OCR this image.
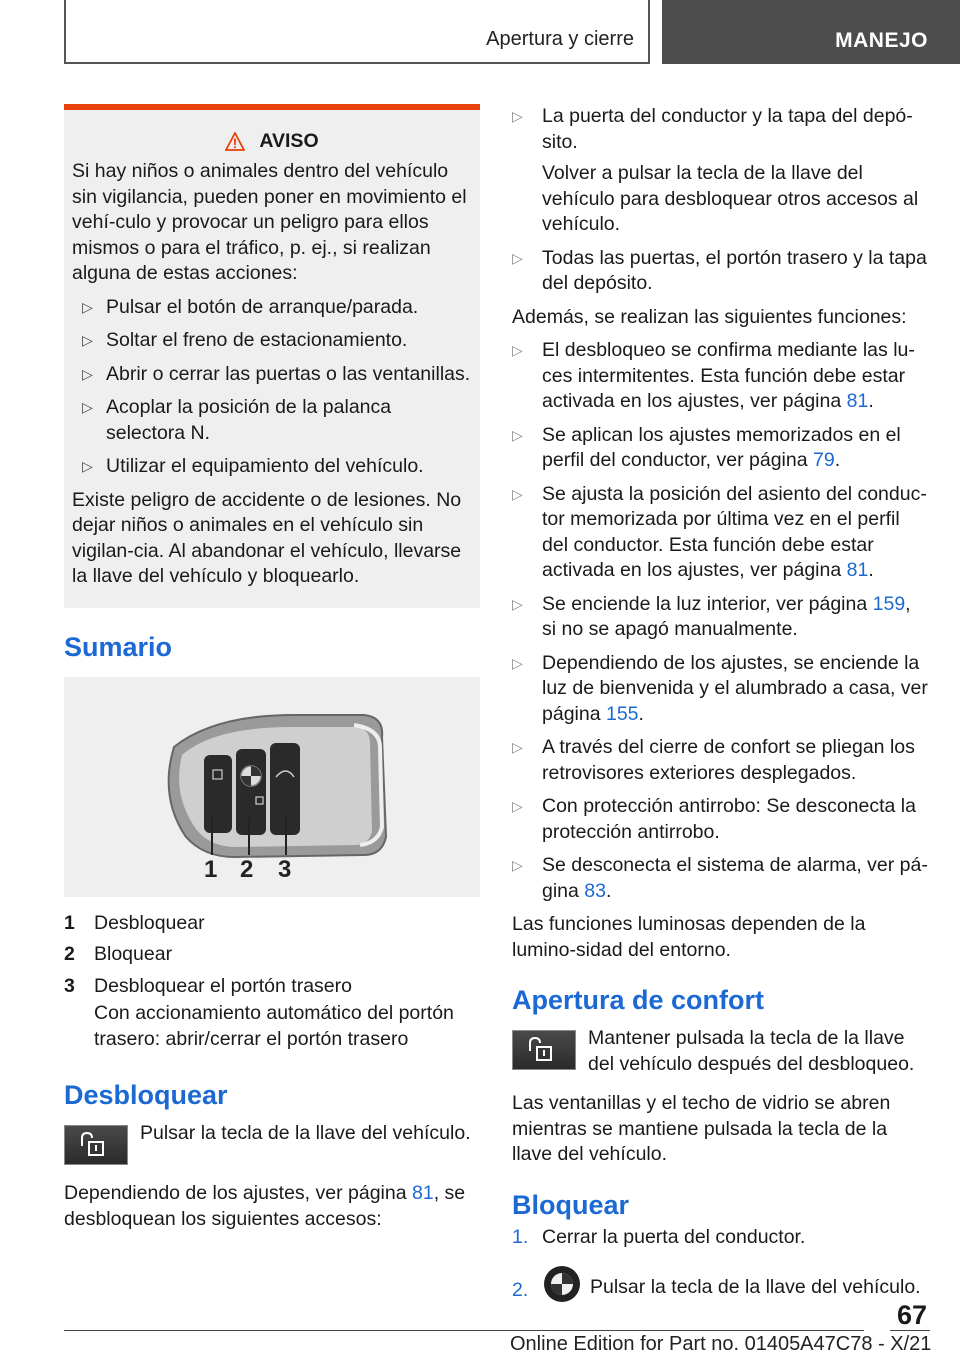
Apertura y cierre	MANEJO
AVISO

Si hay niños o animales dentro del vehículo sin vigilancia, pueden poner en movimiento el vehí-culo y provocar un peligro para ellos mismos o para el tráfico, p. ej., si realizan alguna de estas acciones:

▷ Pulsar el botón de arranque/parada.
▷ Soltar el freno de estacionamiento.
▷ Abrir o cerrar las puertas o las ventanillas.
▷ Acoplar la posición de la palanca selectora N.
▷ Utilizar el equipamiento del vehículo.

Existe peligro de accidente o de lesiones. No dejar niños o animales en el vehículo sin vigilan-cia. Al abandonar el vehículo, llevarse la llave del vehículo y bloquearlo.

Sumario
1 2 3
1 Desbloquear
2 Bloquear
3 Desbloquear el portón trasero
Con accionamiento automático del portón trasero: abrir/cerrar el portón trasero
Desbloquear

Pulsar la tecla de la llave del vehículo.

Dependiendo de los ajustes, ver página 81, se desbloquean los siguientes accesos:

▷ La puerta del conductor y la tapa del depó-sito.
Volver a pulsar la tecla de la llave del vehículo para desbloquear otros accesos al vehículo.
▷ Todas las puertas, el portón trasero y la tapa del depósito.

Además, se realizan las siguientes funciones:

▷ El desbloqueo se confirma mediante las lu-ces intermitentes. Esta función debe estar activada en los ajustes, ver página 81.
▷ Se aplican los ajustes memorizados en el perfil del conductor, ver página 79.
▷ Se ajusta la posición del asiento del conduc-tor memorizada por última vez en el perfil del conductor. Esta función debe estar activada en los ajustes, ver página 81.
▷ Se enciende la luz interior, ver página 159, si no se apagó manualmente.
▷ Dependiendo de los ajustes, se enciende la luz de bienvenida y el alumbrado a casa, ver página 155.
▷ A través del cierre de confort se pliegan los retrovisores exteriores desplegados.
▷ Con protección antirrobo: Se desconecta la protección antirrobo.
▷ Se desconecta el sistema de alarma, ver pá-gina 83.

Las funciones luminosas dependen de la lumino-sidad del entorno.

Apertura de confort

Mantener pulsada la tecla de la llave del vehículo después del desbloqueo.

Las ventanillas y el techo de vidrio se abren mientras se mantiene pulsada la tecla de la llave del vehículo.

Bloquear
1. Cerrar la puerta del conductor.
2.	Pulsar la tecla de la llave del vehículo.
67
Online Edition for Part no. 01405A47C78 - X/21
